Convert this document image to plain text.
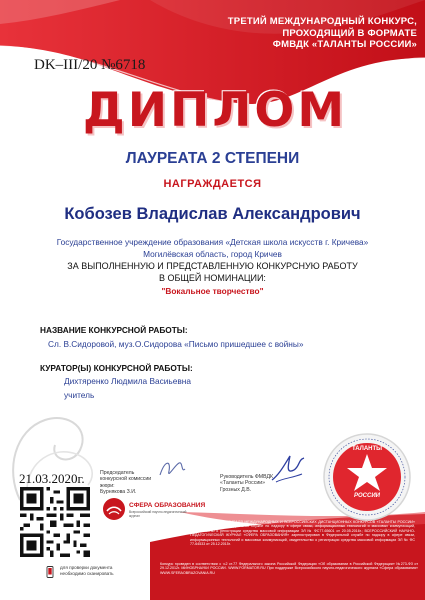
ТРЕТИЙ МЕЖДУНАРОДНЫЙ КОНКУРС,
ПРОХОДЯЩИЙ В ФОРМАТЕ
ФМВДК «ТАЛАНТЫ РОССИИ»
DK–III/20 №6718
ДИПЛОМ
ЛАУРЕАТА 2 СТЕПЕНИ
НАГРАЖДАЕТСЯ
Кобозев Владислав Александрович
Государственное учреждение образования «Детская школа искусств г. Кричева»
Могилёвская область, город Кричев
ЗА ВЫПОЛНЕННУЮ И ПРЕДСТАВЛЕННУЮ КОНКУРСНУЮ РАБОТУ
В ОБЩЕЙ НОМИНАЦИИ:
"Вокальное творчество"
НАЗВАНИЕ КОНКУРСНОЙ РАБОТЫ:
Сл. В.Сидоровой, муз.О.Сидорова «Письмо пришедшее с войны»
КУРАТОР(Ы) КОНКУРСНОЙ РАБОТЫ:
Дихтяренко Людмила Васиьевна
учитель
21.03.2020г.	Председатель
конкурсной комиссии
жюри:
Бурнякова З.И.
Руководитель ФМВДК
«Таланты России»
Грозных Д.В.
для проверки документа
необходимо сканировать
СФЕРА ОБРАЗОВАНИЯ
Всероссийский научно-педагогический журнал
ТАЛАНТЫ
РОССИИ
ОРГАНИЗАТОРЫ ФЕСТИВАЛЯ МЕЖДУНАРОДНЫХ И ВСЕРОССИЙСКИХ ДИСТАНЦИОННЫХ КОНКУРСОВ «ТАЛАНТЫ РОССИИ» зарегистрированы в Федеральной службе по надзору в сфере связи, информационных технологий и массовых коммуникаций, свидетельство о регистрации средства массовой информации ЭЛ № ФС77-65601 от 20.05.2016г.; ВСЕРОССИЙСКИЙ НАУЧНО-ПЕДАГОГИЧЕСКИЙ ЖУРНАЛ «СФЕРА ОБРАЗОВАНИЯ» зарегистрирован в Федеральной службе по надзору в сфере связи, информационных технологий и массовых коммуникаций, свидетельство о регистрации средства массовой информации ЭЛ № ФС 77-64533 от 25.12.2015г.
Конкурс проведен в соответствии с ч.2 ст.77 Федерального закона Российской Федерации «Об образовании в Российской Федерации» №273-ФЗ от 29.12.2012г. МИНОБРНАУКИ РОССИИ. WWW.FORMATOR.RU При поддержке Всероссийского научно-педагогического журнала «Сфера образования» WWW.SFERAOBRAZOVANIA.RU
